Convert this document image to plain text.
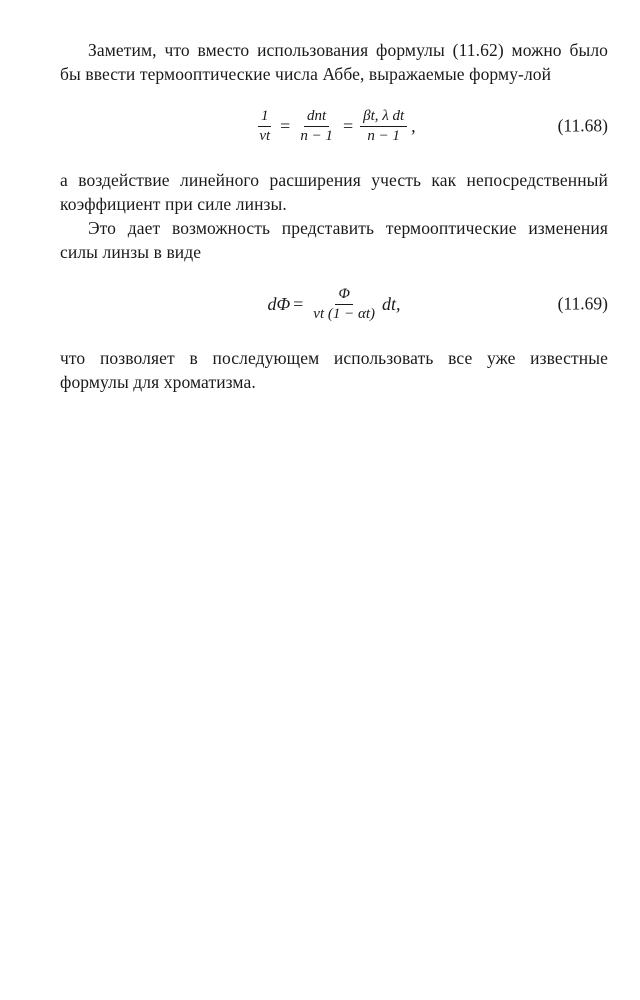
Заметим, что вместо использования формулы (11.62) можно было бы ввести термооптические числа Аббе, выражаемые форму-лой

$\frac{1}{\nu t} = \frac{\text{dnt}}{n - 1} = \frac{\text{βt, λ dt}}{n - 1}$ ,	(11.68)

а воздействие линейного расширения учесть как непосредственный коэффициент при силе линзы.

Это дает возможность представить термооптические изменения силы линзы в виде

$d\Phi = \frac{\Phi}{\nu t (1 - \alpha t)}$ dt,	(11.69)

что позволяет в последующем использовать все уже известные формулы для хроматизма.
